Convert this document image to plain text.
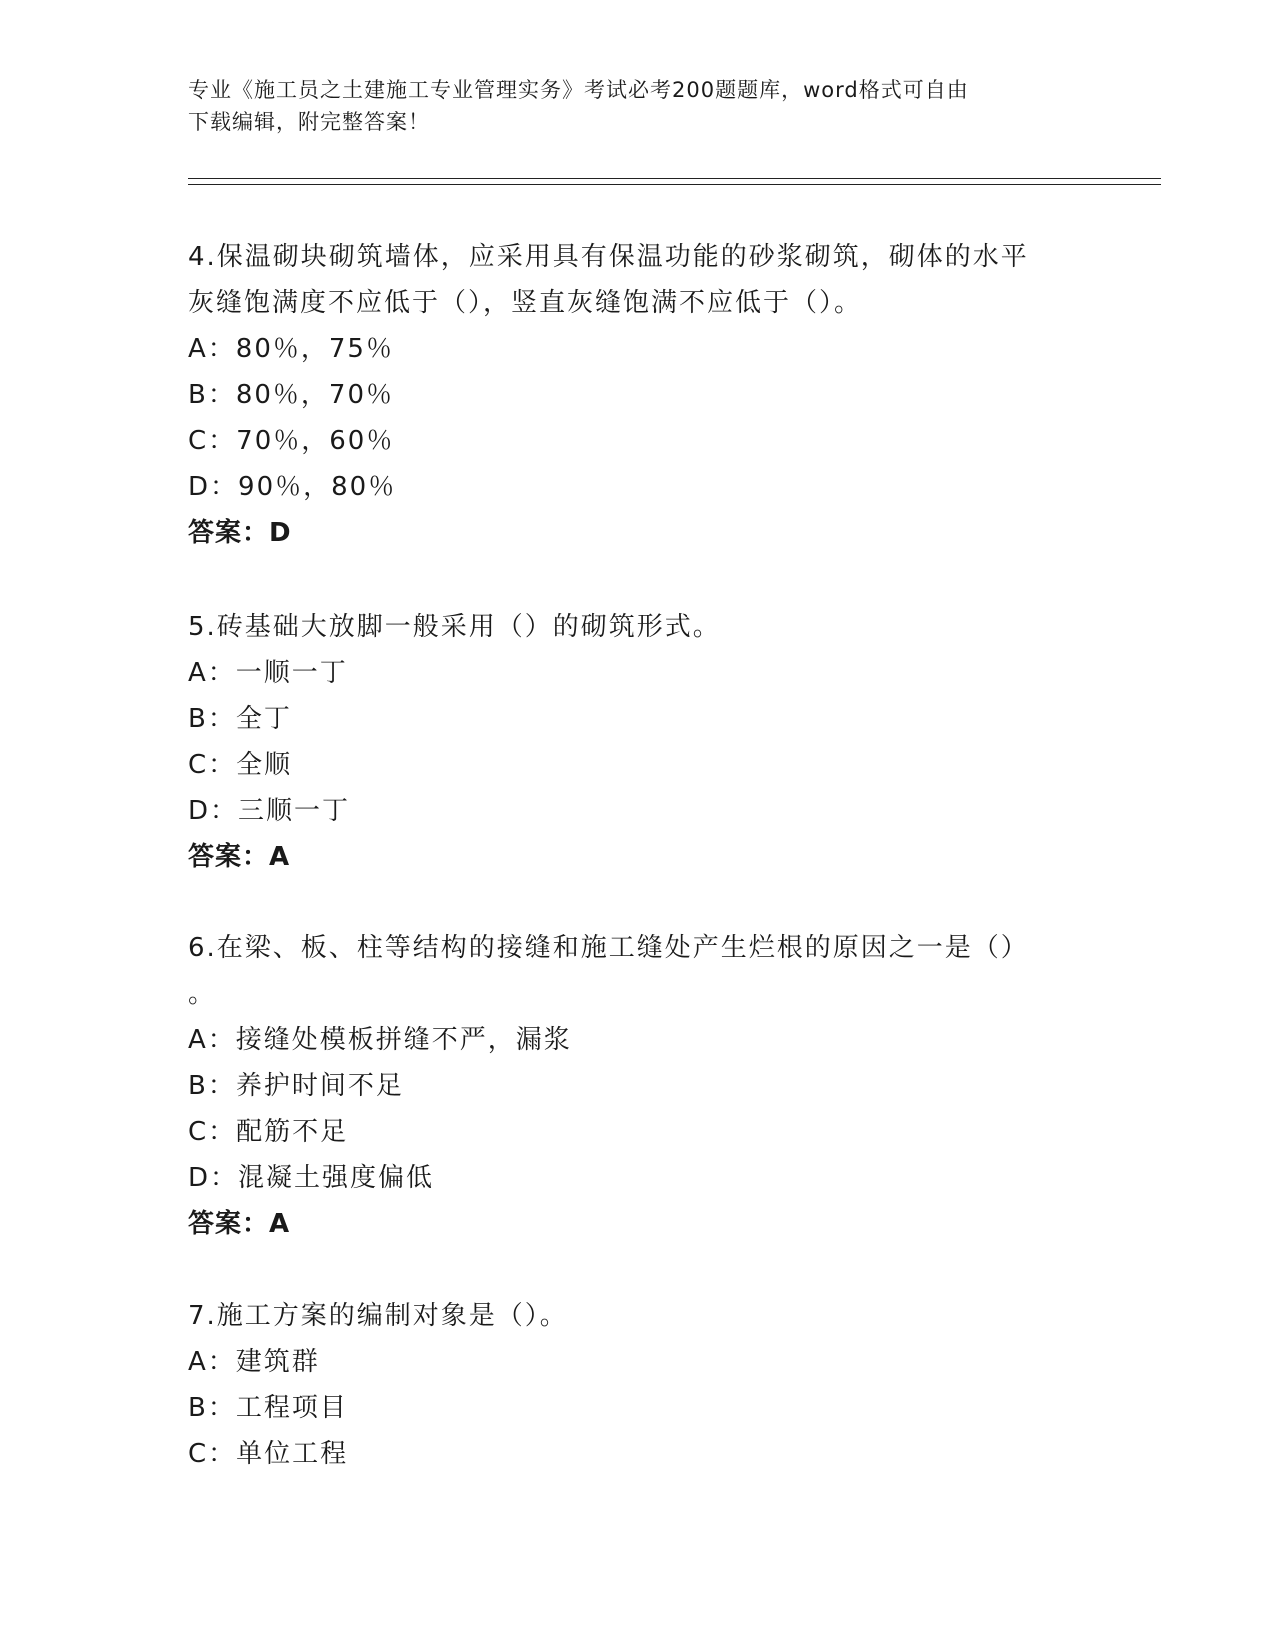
专业《施工员之土建施工专业管理实务》考试必考200题题库，word格式可自由
下载编辑，附完整答案！
4.保温砌块砌筑墙体，应采用具有保温功能的砂浆砌筑，砌体的水平
灰缝饱满度不应低于（），竖直灰缝饱满不应低于（）。
A：80％，75％
B：80％，70％
C：70％，60％
D：90％，80％
答案：D
5.砖基础大放脚一般采用（）的砌筑形式。
A：一顺一丁
B：全丁
C：全顺
D：三顺一丁
答案：A
6.在梁、板、柱等结构的接缝和施工缝处产生烂根的原因之一是（）
。
A：接缝处模板拼缝不严，漏浆
B：养护时间不足
C：配筋不足
D：混凝土强度偏低
答案：A
7.施工方案的编制对象是（）。
A：建筑群
B：工程项目
C：单位工程
